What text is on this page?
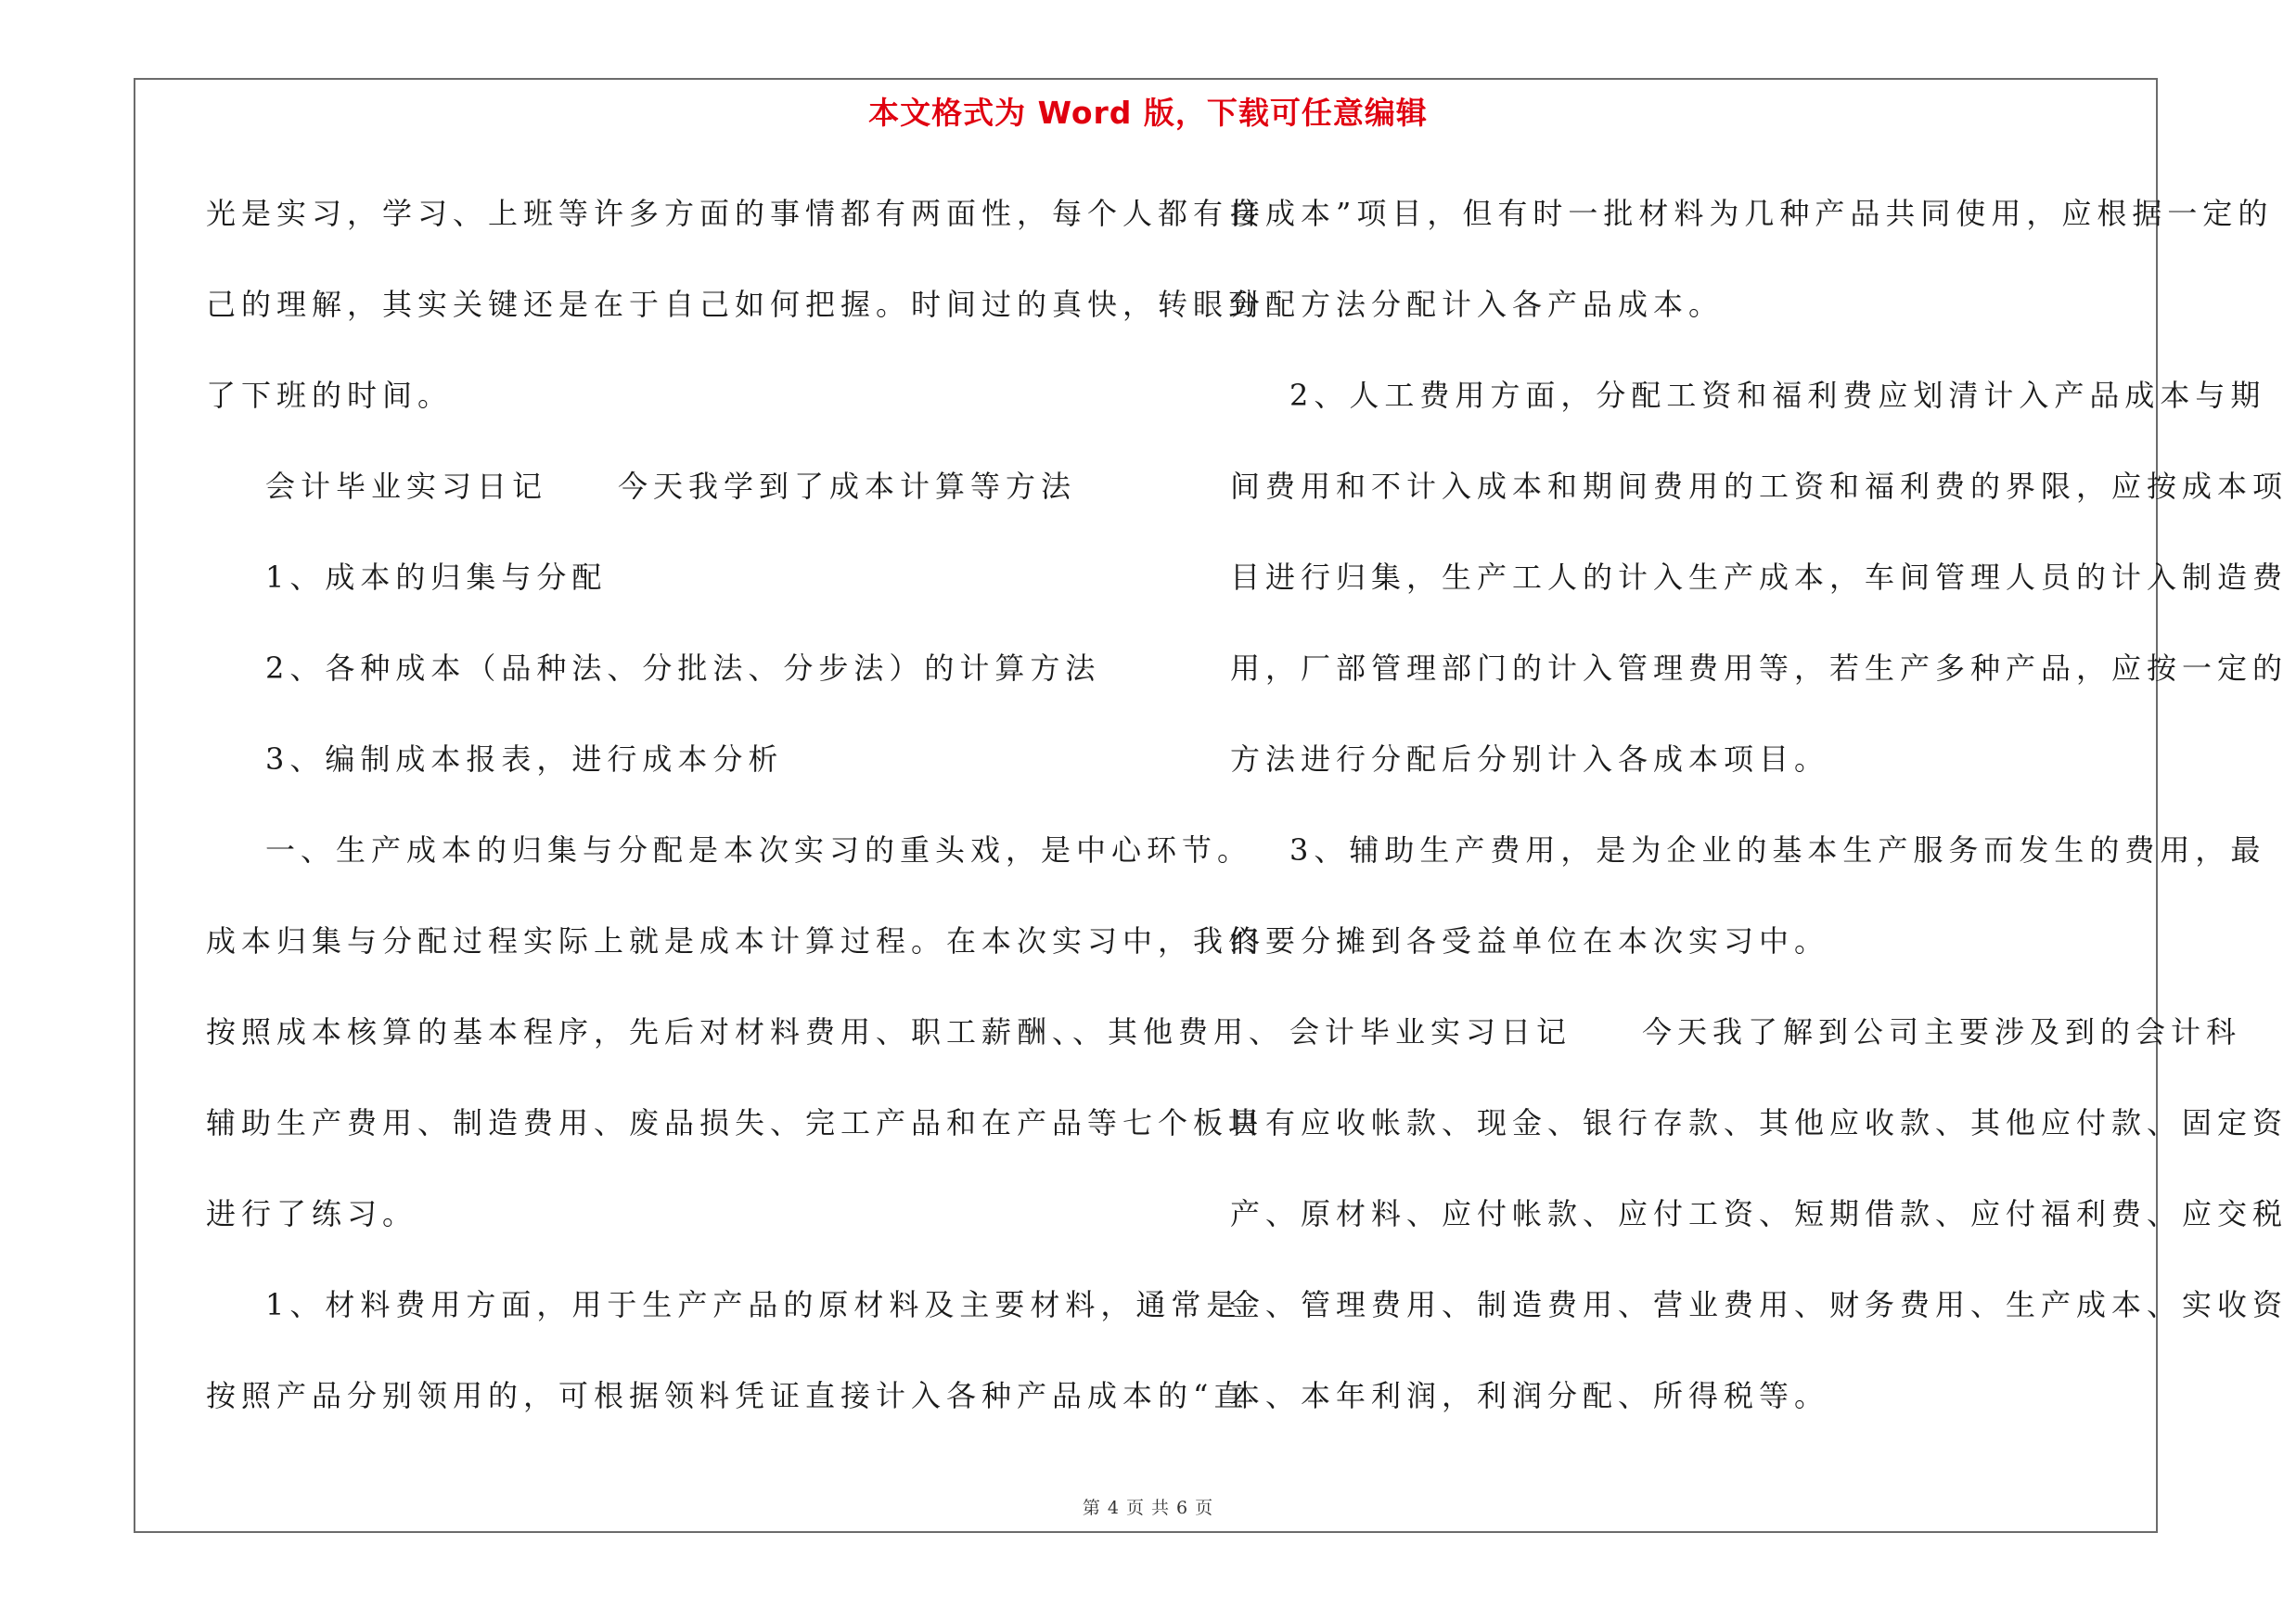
本文格式为 Word 版，下载可任意编辑

光是实习，学习、上班等许多方面的事情都有两面性，每个人都有自

己的理解，其实关键还是在于自己如何把握。时间过的真快，转眼到

了下班的时间。

会计毕业实习日记　　今天我学到了成本计算等方法

1、成本的归集与分配

2、各种成本（品种法、分批法、分步法）的计算方法

3、编制成本报表，进行成本分析

一、生产成本的归集与分配是本次实习的重头戏，是中心环节。

成本归集与分配过程实际上就是成本计算过程。在本次实习中，我们

按照成本核算的基本程序，先后对材料费用、职工薪酬、、其他费用、

辅助生产费用、制造费用、废品损失、完工产品和在产品等七个板块

进行了练习。

1、材料费用方面，用于生产产品的原材料及主要材料，通常是

按照产品分别领用的，可根据领料凭证直接计入各种产品成本的“直

接成本”项目，但有时一批材料为几种产品共同使用，应根据一定的

分配方法分配计入各产品成本。

2、人工费用方面，分配工资和福利费应划清计入产品成本与期

间费用和不计入成本和期间费用的工资和福利费的界限，应按成本项

目进行归集，生产工人的计入生产成本，车间管理人员的计入制造费

用，厂部管理部门的计入管理费用等，若生产多种产品，应按一定的

方法进行分配后分别计入各成本项目。

3、辅助生产费用，是为企业的基本生产服务而发生的费用，最

终要分摊到各受益单位在本次实习中。

会计毕业实习日记　　今天我了解到公司主要涉及到的会计科

目有应收帐款、现金、银行存款、其他应收款、其他应付款、固定资

产、原材料、应付帐款、应付工资、短期借款、应付福利费、应交税

金、管理费用、制造费用、营业费用、财务费用、生产成本、实收资

本、本年利润，利润分配、所得税等。

第 4 页 共 6 页
